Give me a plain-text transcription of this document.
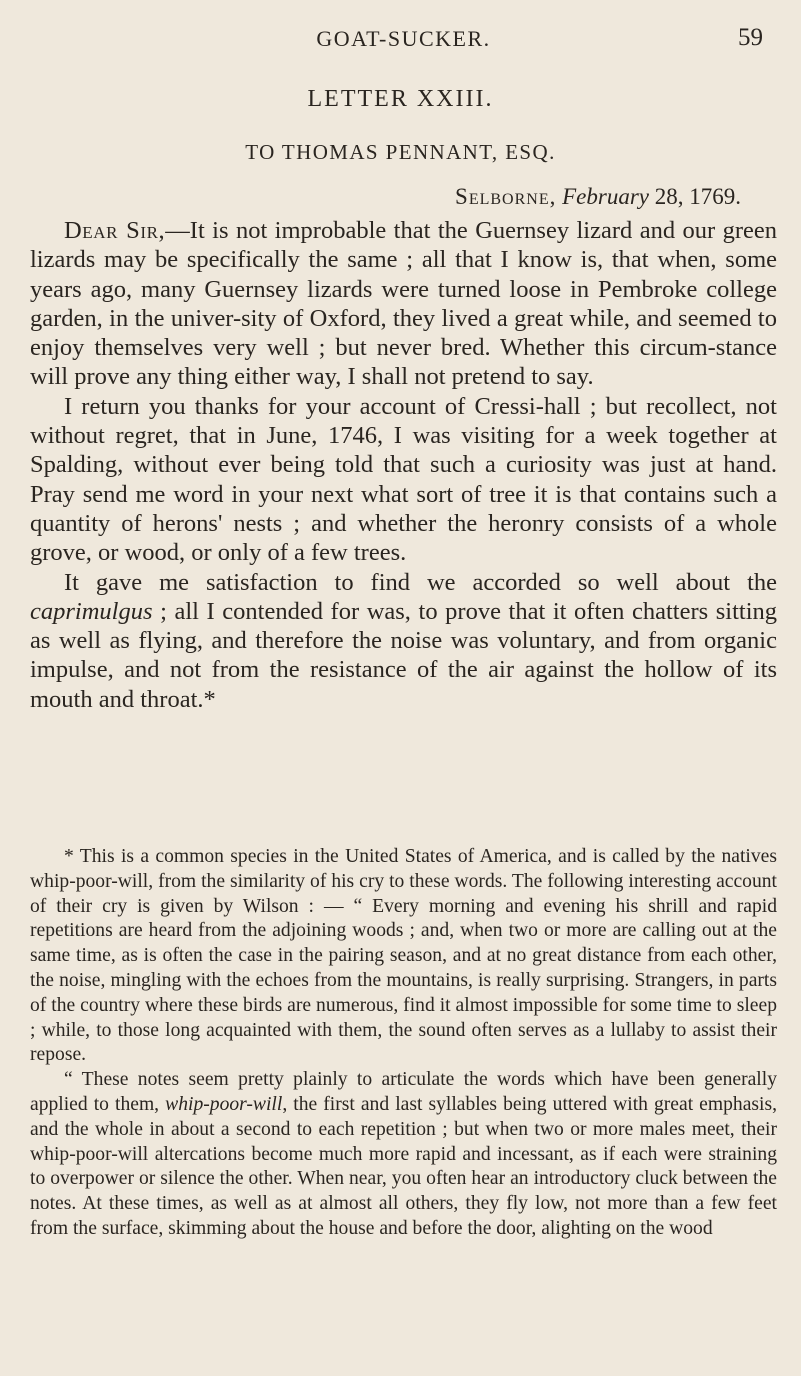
GOAT-SUCKER.	59
LETTER XXIII.
TO THOMAS PENNANT, ESQ.
Selborne, February 28, 1769.

Dear Sir,—It is not improbable that the Guernsey lizard and our green lizards may be specifically the same ; all that I know is, that when, some years ago, many Guernsey lizards were turned loose in Pembroke college garden, in the univer-sity of Oxford, they lived a great while, and seemed to enjoy themselves very well ; but never bred. Whether this circum-stance will prove any thing either way, I shall not pretend to say.

I return you thanks for your account of Cressi-hall ; but recollect, not without regret, that in June, 1746, I was visiting for a week together at Spalding, without ever being told that such a curiosity was just at hand. Pray send me word in your next what sort of tree it is that contains such a quantity of herons' nests ; and whether the heronry consists of a whole grove, or wood, or only of a few trees.

It gave me satisfaction to find we accorded so well about the caprimulgus ; all I contended for was, to prove that it often chatters sitting as well as flying, and therefore the noise was voluntary, and from organic impulse, and not from the resistance of the air against the hollow of its mouth and throat.*

* This is a common species in the United States of America, and is called by the natives whip-poor-will, from the similarity of his cry to these words. The following interesting account of their cry is given by Wilson : — “ Every morning and evening his shrill and rapid repetitions are heard from the adjoining woods ; and, when two or more are calling out at the same time, as is often the case in the pairing season, and at no great distance from each other, the noise, mingling with the echoes from the mountains, is really surprising. Strangers, in parts of the country where these birds are numerous, find it almost impossible for some time to sleep ; while, to those long acquainted with them, the sound often serves as a lullaby to assist their repose.

“ These notes seem pretty plainly to articulate the words which have been generally applied to them, whip-poor-will, the first and last syllables being uttered with great emphasis, and the whole in about a second to each repetition ; but when two or more males meet, their whip-poor-will altercations become much more rapid and incessant, as if each were straining to overpower or silence the other. When near, you often hear an introductory cluck between the notes. At these times, as well as at almost all others, they fly low, not more than a few feet from the surface, skimming about the house and before the door, alighting on the wood
